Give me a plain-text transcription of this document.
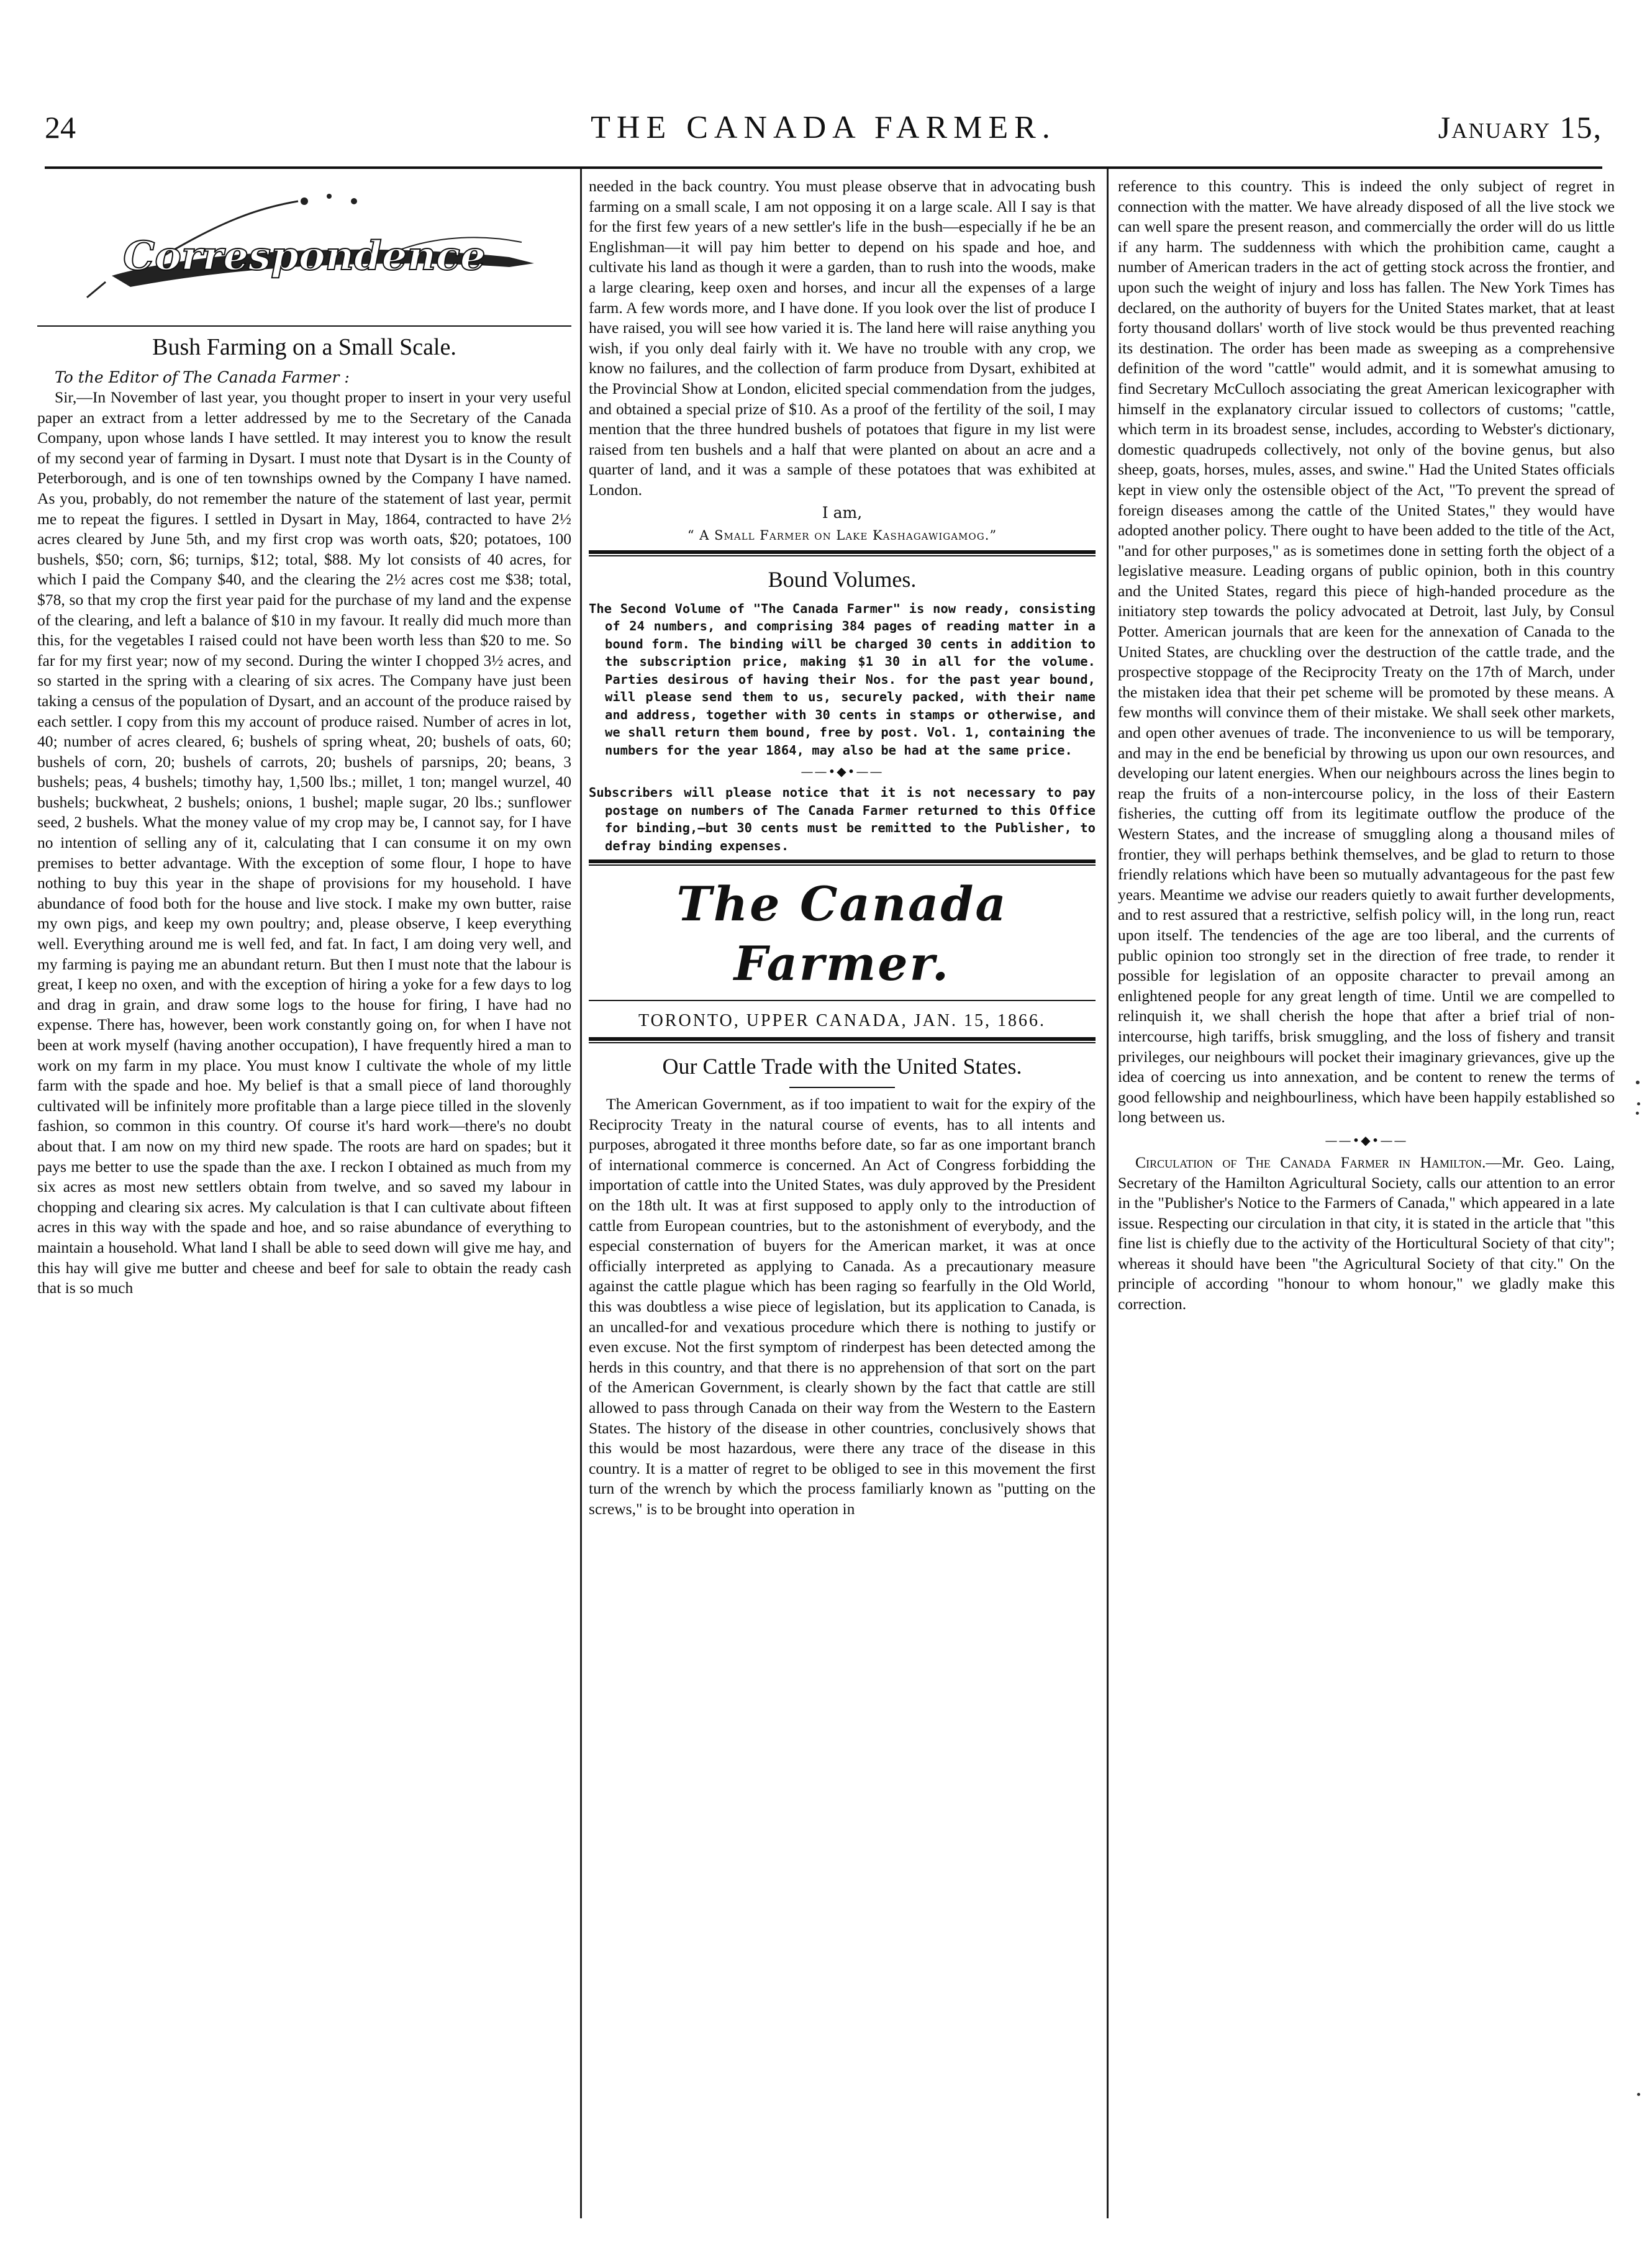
24	THE CANADA FARMER.	January 15,
Correspondence
Bush Farming on a Small Scale.
To the Editor of The Canada Farmer :

Sir,—In November of last year, you thought proper to insert in your very useful paper an extract from a letter addressed by me to the Secretary of the Canada Company, upon whose lands I have settled. It may interest you to know the result of my second year of farming in Dysart. I must note that Dysart is in the County of Peterborough, and is one of ten townships owned by the Company I have named. As you, probably, do not remember the nature of the statement of last year, permit me to repeat the figures. I settled in Dysart in May, 1864, contracted to have 2½ acres cleared by June 5th, and my first crop was worth oats, $20; potatoes, 100 bushels, $50; corn, $6; turnips, $12; total, $88. My lot consists of 40 acres, for which I paid the Company $40, and the clearing the 2½ acres cost me $38; total, $78, so that my crop the first year paid for the purchase of my land and the expense of the clearing, and left a balance of $10 in my favour. It really did much more than this, for the vegetables I raised could not have been worth less than $20 to me. So far for my first year; now of my second. During the winter I chopped 3½ acres, and so started in the spring with a clearing of six acres. The Company have just been taking a census of the population of Dysart, and an account of the produce raised by each settler. I copy from this my account of produce raised. Number of acres in lot, 40; number of acres cleared, 6; bushels of spring wheat, 20; bushels of oats, 60; bushels of corn, 20; bushels of carrots, 20; bushels of parsnips, 20; beans, 3 bushels; peas, 4 bushels; timothy hay, 1,500 lbs.; millet, 1 ton; mangel wurzel, 40 bushels; buckwheat, 2 bushels; onions, 1 bushel; maple sugar, 20 lbs.; sunflower seed, 2 bushels. What the money value of my crop may be, I cannot say, for I have no intention of selling any of it, calculating that I can consume it on my own premises to better advantage. With the exception of some flour, I hope to have nothing to buy this year in the shape of provisions for my household. I have abundance of food both for the house and live stock. I make my own butter, raise my own pigs, and keep my own poultry; and, please observe, I keep everything well. Everything around me is well fed, and fat. In fact, I am doing very well, and my farming is paying me an abundant return. But then I must note that the labour is great, I keep no oxen, and with the exception of hiring a yoke for a few days to log and drag in grain, and draw some logs to the house for firing, I have had no expense. There has, however, been work constantly going on, for when I have not been at work myself (having another occupation), I have frequently hired a man to work on my farm in my place. You must know I cultivate the whole of my little farm with the spade and hoe. My belief is that a small piece of land thoroughly cultivated will be infinitely more profitable than a large piece tilled in the slovenly fashion, so common in this country. Of course it's hard work—there's no doubt about that. I am now on my third new spade. The roots are hard on spades; but it pays me better to use the spade than the axe. I reckon I obtained as much from my six acres as most new settlers obtain from twelve, and so saved my labour in chopping and clearing six acres. My calculation is that I can cultivate about fifteen acres in this way with the spade and hoe, and so raise abundance of everything to maintain a household. What land I shall be able to seed down will give me hay, and this hay will give me butter and cheese and beef for sale to obtain the ready cash that is so much

needed in the back country. You must please observe that in advocating bush farming on a small scale, I am not opposing it on a large scale. All I say is that for the first few years of a new settler's life in the bush—especially if he be an Englishman—it will pay him better to depend on his spade and hoe, and cultivate his land as though it were a garden, than to rush into the woods, make a large clearing, keep oxen and horses, and incur all the expenses of a large farm. A few words more, and I have done. If you look over the list of produce I have raised, you will see how varied it is. The land here will raise anything you wish, if you only deal fairly with it. We have no trouble with any crop, we know no failures, and the collection of farm produce from Dysart, exhibited at the Provincial Show at London, elicited special commendation from the judges, and obtained a special prize of $10. As a proof of the fertility of the soil, I may mention that the three hundred bushels of potatoes that figure in my list were raised from ten bushels and a half that were planted on about an acre and a quarter of land, and it was a sample of these potatoes that was exhibited at London.

I am,
“ A Small Farmer on Lake Kashagawigamog.”
Bound Volumes.

The Second Volume of "The Canada Farmer" is now ready, consisting of 24 numbers, and comprising 384 pages of reading matter in a bound form. The binding will be charged 30 cents in addition to the subscription price, making $1 30 in all for the volume. Parties desirous of having their Nos. for the past year bound, will please send them to us, securely packed, with their name and address, together with 30 cents in stamps or otherwise, and we shall return them bound, free by post. Vol. 1, containing the numbers for the year 1864, may also be had at the same price.

——•◆•——

Subscribers will please notice that it is not necessary to pay postage on numbers of The Canada Farmer returned to this Office for binding,—but 30 cents must be remitted to the Publisher, to defray binding expenses.

The Canada Farmer.
TORONTO, UPPER CANADA, JAN. 15, 1866.
Our Cattle Trade with the United States.

The American Government, as if too impatient to wait for the expiry of the Reciprocity Treaty in the natural course of events, has to all intents and purposes, abrogated it three months before date, so far as one important branch of international commerce is concerned. An Act of Congress forbidding the importation of cattle into the United States, was duly approved by the President on the 18th ult. It was at first supposed to apply only to the introduction of cattle from European countries, but to the astonishment of everybody, and the especial consternation of buyers for the American market, it was at once officially interpreted as applying to Canada. As a precautionary measure against the cattle plague which has been raging so fearfully in the Old World, this was doubtless a wise piece of legislation, but its application to Canada, is an uncalled-for and vexatious procedure which there is nothing to justify or even excuse. Not the first symptom of rinderpest has been detected among the herds in this country, and that there is no apprehension of that sort on the part of the American Government, is clearly shown by the fact that cattle are still allowed to pass through Canada on their way from the Western to the Eastern States. The history of the disease in other countries, conclusively shows that this would be most hazardous, were there any trace of the disease in this country. It is a matter of regret to be obliged to see in this movement the first turn of the wrench by which the process familiarly known as "putting on the screws," is to be brought into operation in

reference to this country. This is indeed the only subject of regret in connection with the matter. We have already disposed of all the live stock we can well spare the present reason, and commercially the order will do us little if any harm. The suddenness with which the prohibition came, caught a number of American traders in the act of getting stock across the frontier, and upon such the weight of injury and loss has fallen. The New York Times has declared, on the authority of buyers for the United States market, that at least forty thousand dollars' worth of live stock would be thus prevented reaching its destination. The order has been made as sweeping as a comprehensive definition of the word "cattle" would admit, and it is somewhat amusing to find Secretary McCulloch associating the great American lexicographer with himself in the explanatory circular issued to collectors of customs; "cattle, which term in its broadest sense, includes, according to Webster's dictionary, domestic quadrupeds collectively, not only of the bovine genus, but also sheep, goats, horses, mules, asses, and swine." Had the United States officials kept in view only the ostensible object of the Act, "To prevent the spread of foreign diseases among the cattle of the United States," they would have adopted another policy. There ought to have been added to the title of the Act, "and for other purposes," as is sometimes done in setting forth the object of a legislative measure. Leading organs of public opinion, both in this country and the United States, regard this piece of high-handed procedure as the initiatory step towards the policy advocated at Detroit, last July, by Consul Potter. American journals that are keen for the annexation of Canada to the United States, are chuckling over the destruction of the cattle trade, and the prospective stoppage of the Reciprocity Treaty on the 17th of March, under the mistaken idea that their pet scheme will be promoted by these means. A few months will convince them of their mistake. We shall seek other markets, and open other avenues of trade. The inconvenience to us will be temporary, and may in the end be beneficial by throwing us upon our own resources, and developing our latent energies. When our neighbours across the lines begin to reap the fruits of a non-intercourse policy, in the loss of their Eastern fisheries, the cutting off from its legitimate outflow the produce of the Western States, and the increase of smuggling along a thousand miles of frontier, they will perhaps bethink themselves, and be glad to return to those friendly relations which have been so mutually advantageous for the past few years. Meantime we advise our readers quietly to await further developments, and to rest assured that a restrictive, selfish policy will, in the long run, react upon itself. The tendencies of the age are too liberal, and the currents of public opinion too strongly set in the direction of free trade, to render it possible for legislation of an opposite character to prevail among an enlightened people for any great length of time. Until we are compelled to relinquish it, we shall cherish the hope that after a brief trial of non-intercourse, high tariffs, brisk smuggling, and the loss of fishery and transit privileges, our neighbours will pocket their imaginary grievances, give up the idea of coercing us into annexation, and be content to renew the terms of good fellowship and neighbourliness, which have been happily established so long between us.

——•◆•——

Circulation of The Canada Farmer in Hamilton.—Mr. Geo. Laing, Secretary of the Hamilton Agricultural Society, calls our attention to an error in the "Publisher's Notice to the Farmers of Canada," which appeared in a late issue. Respecting our circulation in that city, it is stated in the article that "this fine list is chiefly due to the activity of the Horticultural Society of that city"; whereas it should have been "the Agricultural Society of that city." On the principle of according "honour to whom honour," we gladly make this correction.
